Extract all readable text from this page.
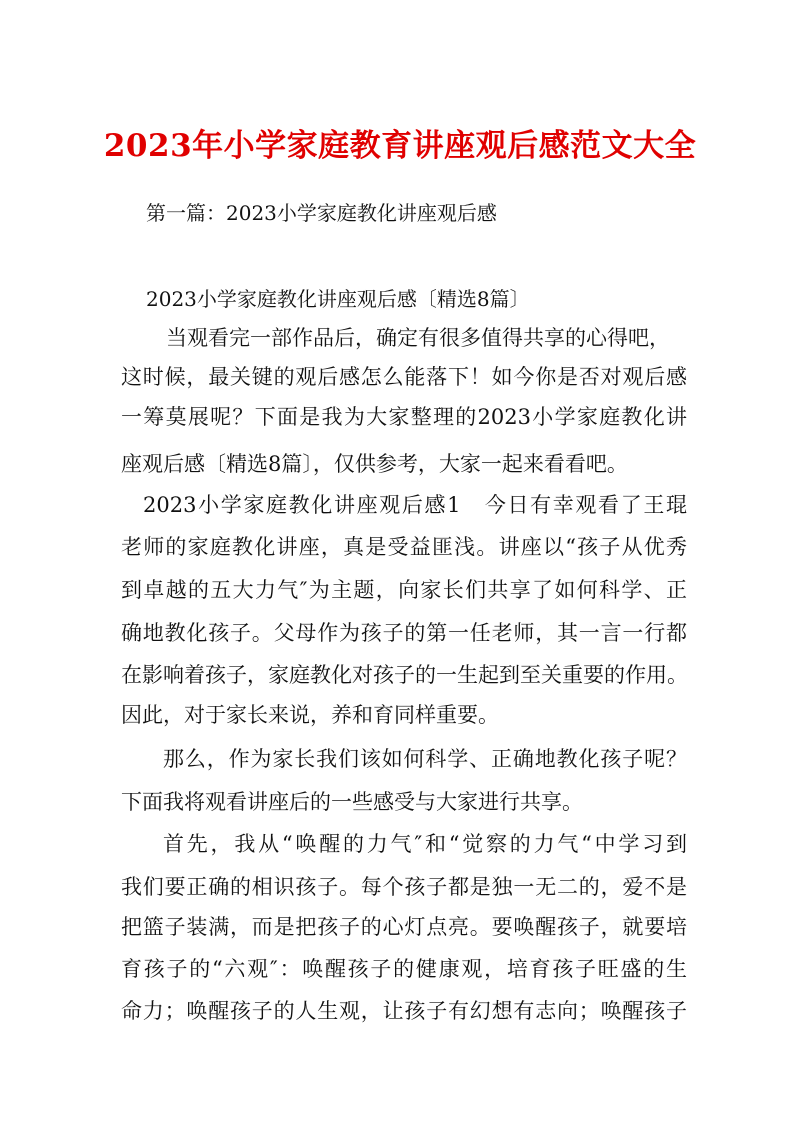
2023年小学家庭教育讲座观后感范文大全
第一篇：2023小学家庭教化讲座观后感
2023小学家庭教化讲座观后感〔精选8篇〕
当观看完一部作品后，确定有很多值得共享的心得吧，
这时候，最关键的观后感怎么能落下！如今你是否对观后感
一筹莫展呢？下面是我为大家整理的2023小学家庭教化讲
座观后感〔精选8篇〕，仅供参考，大家一起来看看吧。
2023小学家庭教化讲座观后感1　今日有幸观看了王琨
老师的家庭教化讲座，真是受益匪浅。讲座以“孩子从优秀
到卓越的五大力气″为主题，向家长们共享了如何科学、正
确地教化孩子。父母作为孩子的第一任老师，其一言一行都
在影响着孩子，家庭教化对孩子的一生起到至关重要的作用。
因此，对于家长来说，养和育同样重要。
那么，作为家长我们该如何科学、正确地教化孩子呢？
下面我将观看讲座后的一些感受与大家进行共享。
首先，我从“唤醒的力气″和“觉察的力气“中学习到
我们要正确的相识孩子。每个孩子都是独一无二的，爱不是
把篮子装满，而是把孩子的心灯点亮。要唤醒孩子，就要培
育孩子的“六观″：唤醒孩子的健康观，培育孩子旺盛的生
命力；唤醒孩子的人生观，让孩子有幻想有志向；唤醒孩子
